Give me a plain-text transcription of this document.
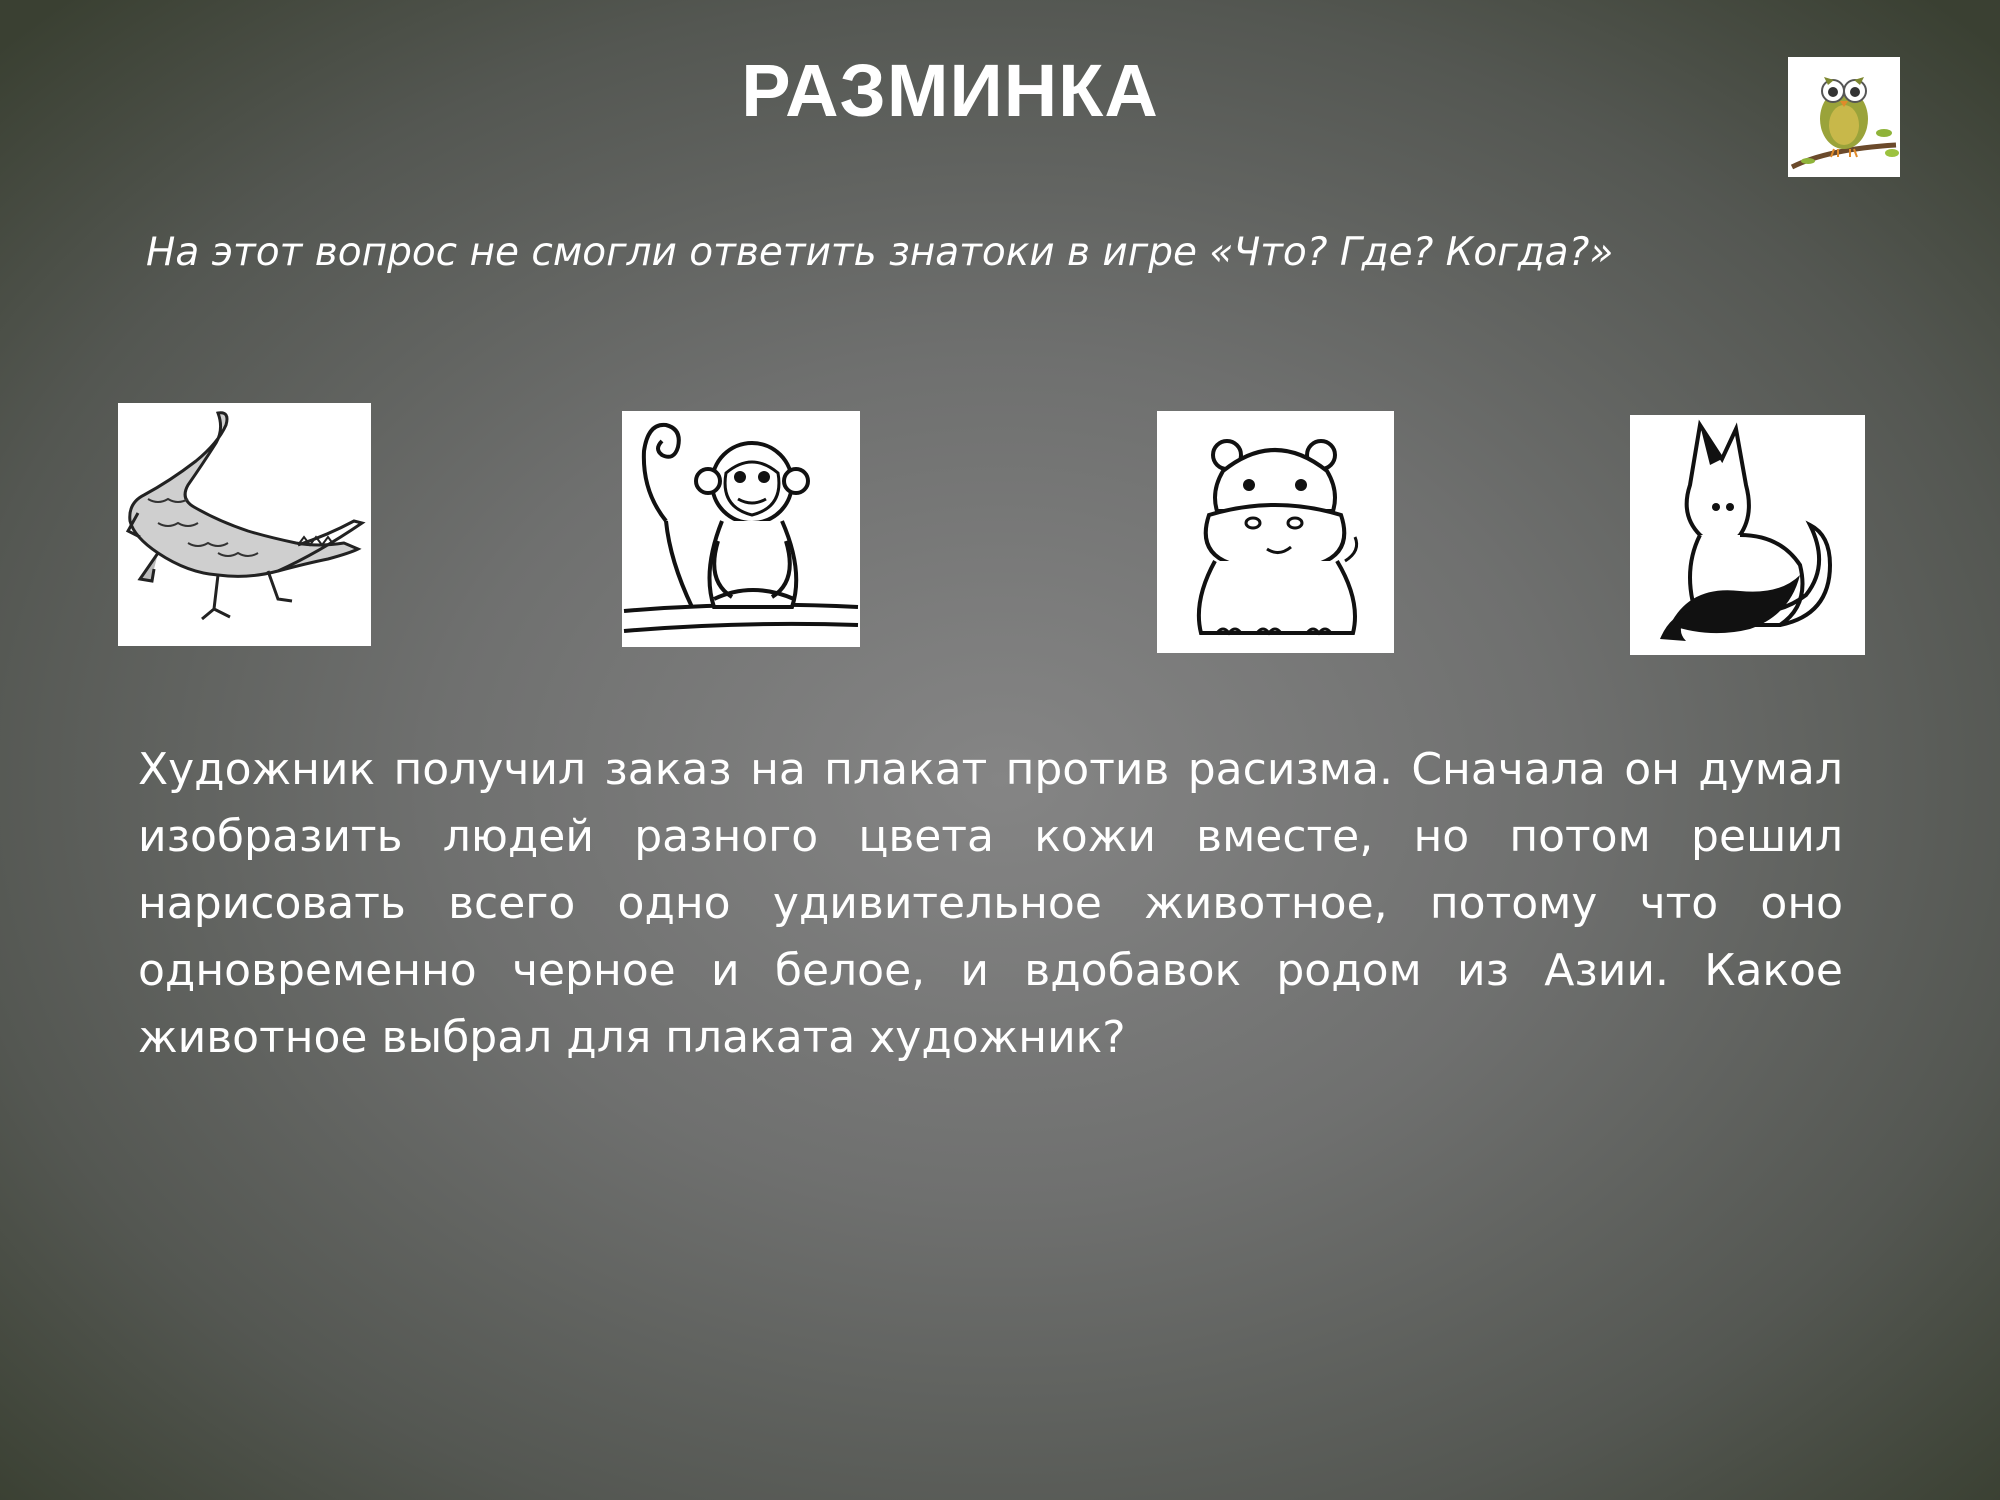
РАЗМИНКА
На этот вопрос не смогли ответить знатоки в игре «Что? Где? Когда?»
Художник получил заказ на плакат против расизма. Сначала он думал изобразить людей разного цвета кожи вместе, но потом решил нарисовать всего одно удивительное животное, потому что оно одновременно черное и белое, и вдобавок родом из Азии. Какое животное выбрал для плаката художник?
